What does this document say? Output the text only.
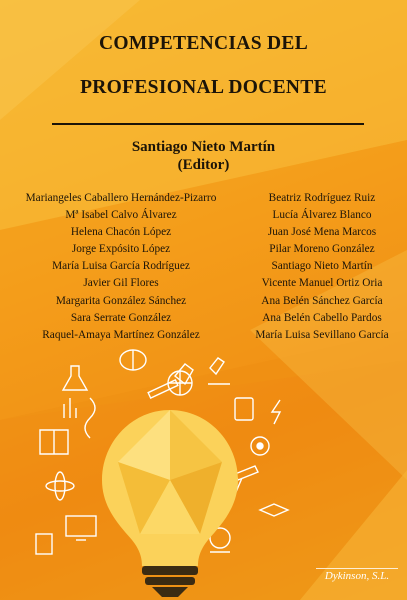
COMPETENCIAS DEL
PROFESIONAL DOCENTE
Santiago Nieto Martín
(Editor)
Mariangeles Caballero Hernández-Pizarro
Mª Isabel Calvo Álvarez
Helena Chacón López
Jorge Expósito López
María Luisa García Rodríguez
Javier Gil Flores
Margarita González Sánchez
Sara Serrate González
Raquel-Amaya Martínez González
Beatriz Rodríguez Ruiz
Lucía Álvarez Blanco
Juan José Mena Marcos
Pilar Moreno González
Santiago Nieto Martín
Vicente Manuel Ortiz Oria
Ana Belén Sánchez García
Ana Belén Cabello Pardos
María Luisa Sevillano García
Dykinson, S.L.
